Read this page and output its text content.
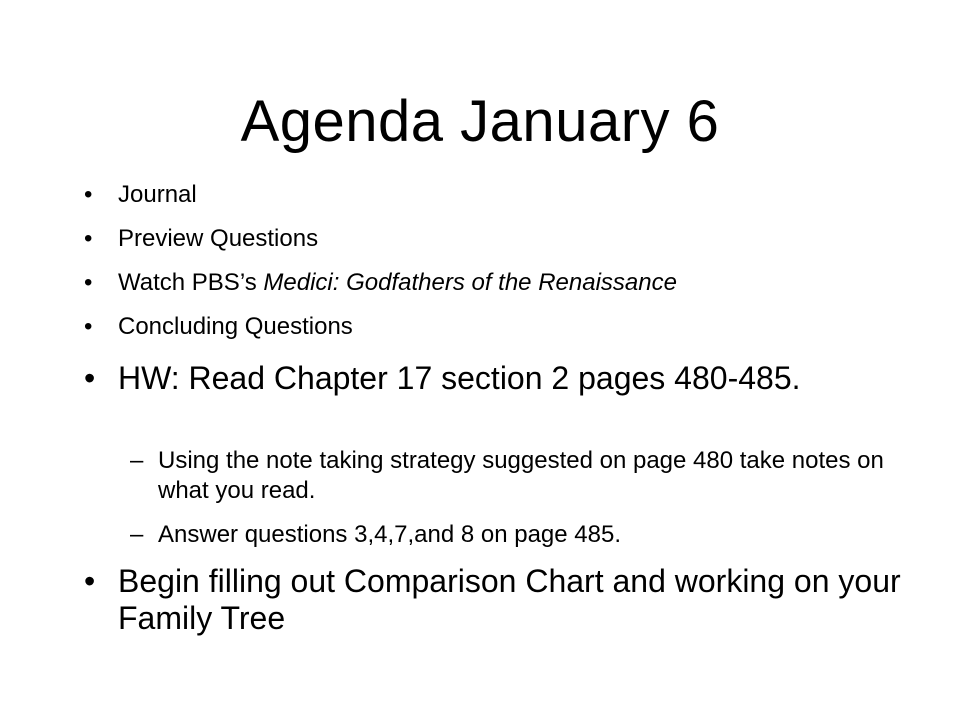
Agenda January 6
•	Journal
•	Preview Questions
•	Watch PBS’s Medici: Godfathers of the Renaissance
•	Concluding Questions
• HW: Read Chapter 17 section 2 pages 480-485.
– Using the note taking strategy suggested on page 480 take notes on what you read.
– Answer questions 3,4,7,and 8 on page 485.
• Begin filling out Comparison Chart and working on your Family Tree
